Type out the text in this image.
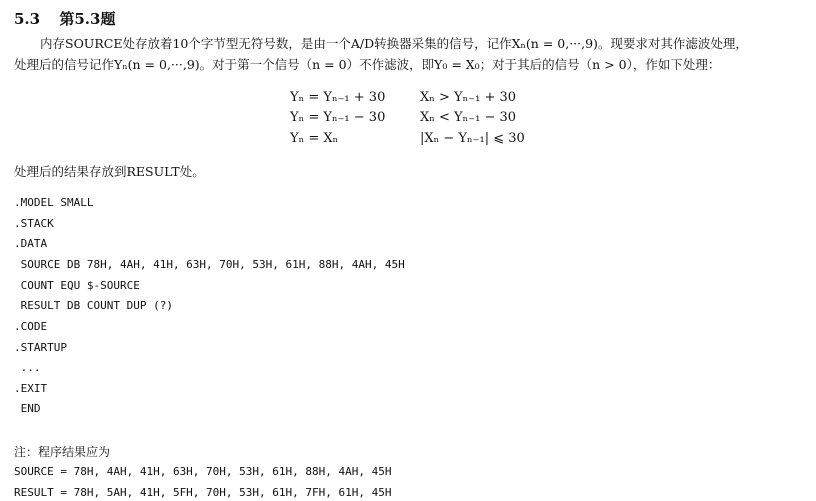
5.3 第5.3题
内存SOURCE处存放着10个字节型无符号数，是由一个A/D转换器采集的信号，记作Xₙ(n = 0,···,9)。现要求对其作滤波处理，
处理后的信号记作Yₙ(n = 0,···,9)。对于第一个信号（n = 0）不作滤波，即Y₀ = X₀；对于其后的信号（n > 0），作如下处理：
Yₙ = Yₙ₋₁ + 30	Xₙ > Yₙ₋₁ + 30
Yₙ = Yₙ₋₁ − 30	Xₙ < Yₙ₋₁ − 30
Yₙ = Xₙ	|Xₙ − Yₙ₋₁| ⩽ 30
处理后的结果存放到RESULT处。
.MODEL SMALL
.STACK
.DATA
SOURCE DB 78H, 4AH, 41H, 63H, 70H, 53H, 61H, 88H, 4AH, 45H
COUNT EQU $-SOURCE
RESULT DB COUNT DUP (?)
.CODE
.STARTUP
...
.EXIT
END
注：程序结果应为
SOURCE = 78H, 4AH, 41H, 63H, 70H, 53H, 61H, 88H, 4AH, 45H
RESULT = 78H, 5AH, 41H, 5FH, 70H, 53H, 61H, 7FH, 61H, 45H
